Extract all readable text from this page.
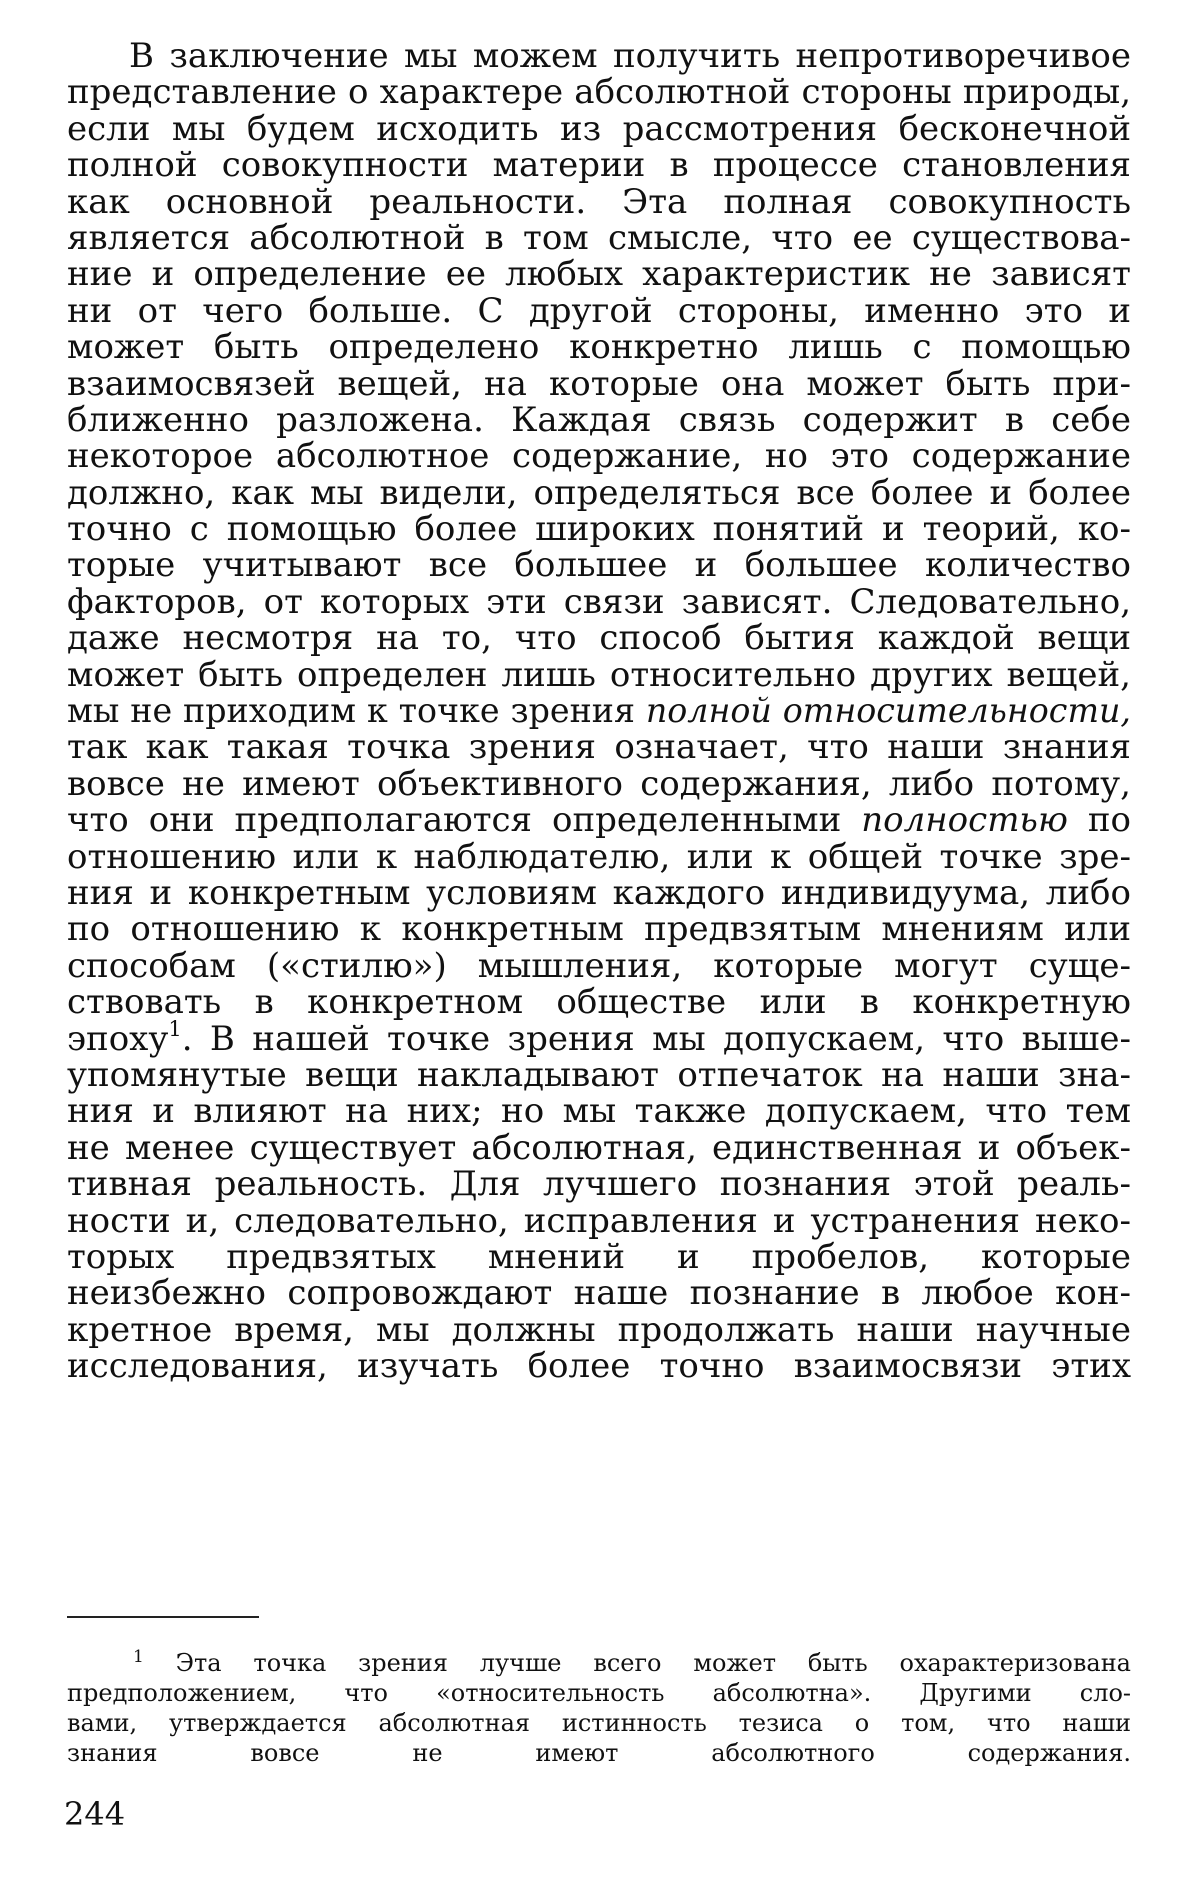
В заключение мы можем получить непротиворечивое
представление о характере абсолютной стороны природы,
если мы будем исходить из рассмотрения бесконечной
полной совокупности материи в процессе становления
как основной реальности. Эта полная совокупность
является абсолютной в том смысле, что ее существова-
ние и определение ее любых характеристик не зависят
ни от чего больше. С другой стороны, именно это и
может быть определено конкретно лишь с помощью
взаимосвязей вещей, на которые она может быть при-
ближенно разложена. Каждая связь содержит в себе
некоторое абсолютное содержание, но это содержание
должно, как мы видели, определяться все более и более
точно с помощью более широких понятий и теорий, ко-
торые учитывают все большее и большее количество
факторов, от которых эти связи зависят. Следовательно,
даже несмотря на то, что способ бытия каждой вещи
может быть определен лишь относительно других вещей,
мы не приходим к точке зрения полной относительности,
так как такая точка зрения означает, что наши знания
вовсе не имеют объективного содержания, либо потому,
что они предполагаются определенными полностью по
отношению или к наблюдателю, или к общей точке зре-
ния и конкретным условиям каждого индивидуума, либо
по отношению к конкретным предвзятым мнениям или
способам («стилю») мышления, которые могут суще-
ствовать в конкретном обществе или в конкретную
эпоху$^1$. В нашей точке зрения мы допускаем, что выше-
упомянутые вещи накладывают отпечаток на наши зна-
ния и влияют на них; но мы также допускаем, что тем
не менее существует абсолютная, единственная и объек-
тивная реальность. Для лучшего познания этой реаль-
ности и, следовательно, исправления и устранения неко-
торых предвзятых мнений и пробелов, которые
неизбежно сопровождают наше познание в любое кон-
кретное время, мы должны продолжать наши научные
исследования, изучать более точно взаимосвязи этих
$^1$ Эта точка зрения лучше всего может быть охарактеризована
предположением, что «относительность абсолютна». Другими сло-
вами, утверждается абсолютная истинность тезиса о том, что наши
знания вовсе не имеют абсолютного содержания.
244
